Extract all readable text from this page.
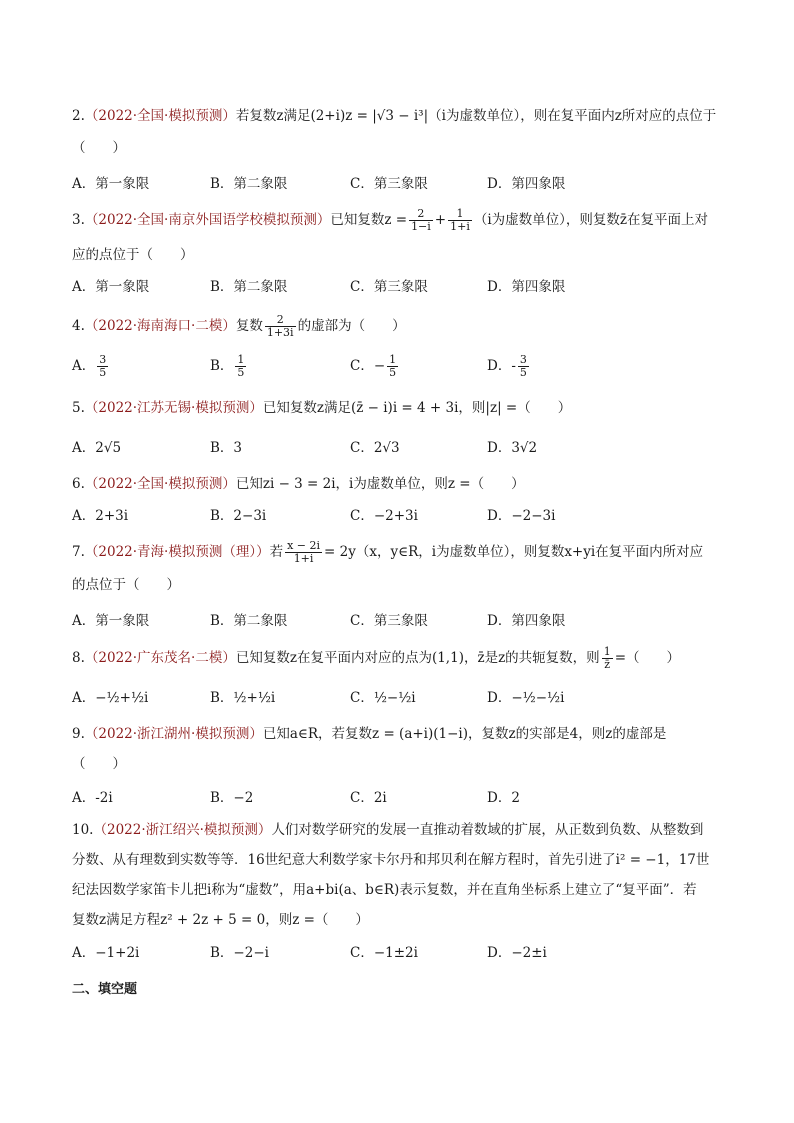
2.（2022·全国·模拟预测）若复数z满足(2+i)z = |√3 − i³|（i为虚数单位），则在复平面内z所对应的点位于
（　　）
A．第一象限	B．第二象限	C．第三象限	D．第四象限
3.（2022·全国·南京外国语学校模拟预测）已知复数$z = \frac{2}{1-i} + \frac{1}{1+i} (i$为虚数单位），则复数z̄在复平面上对
应的点位于（　　）
A．第一象限	B．第二象限	C．第三象限	D．第四象限
4.（2022·海南海口·二模）复数 $\frac{2}{1+3i}$ 的虚部为（　　）
A． $\frac{3}{5}$	B． $\frac{1}{5}$	C．− $\frac{1}{5}$	D．- $\frac{3}{5}$
5.（2022·江苏无锡·模拟预测）已知复数z满足(z̄ − i)i = 4 + 3i，则|z| =（　　）
A．2√5	B．3	C．2√3	D．3√2
6.（2022·全国·模拟预测）已知zi − 3 = 2i，i为虚数单位，则z =（　　）
A．2+3i	B．2−3i	C．−2+3i	D．−2−3i
7.（2022·青海·模拟预测（理））若 $\frac{x - 2i}{1+i} = 2y(x$，y∈R，i为虚数单位），则复数x+yi在复平面内所对应
的点位于（　　）
A．第一象限	B．第二象限	C．第三象限	D．第四象限
8.（2022·广东茂名·二模）已知复数z在复平面内对应的点为(1,1)，z̄是z的共轭复数，则 $\frac{1}{z̄}$ =（　　）
A．−½+½i	B．½+½i	C．½−½i	D．−½−½i
9.（2022·浙江湖州·模拟预测）已知a∈R，若复数z = (a+i)(1−i)，复数z的实部是4，则z的虚部是
（　　）
A．-2i	B．−2	C．2i	D．2
10.（2022·浙江绍兴·模拟预测）人们对数学研究的发展一直推动着数域的扩展，从正数到负数、从整数到
分数、从有理数到实数等等．16世纪意大利数学家卡尔丹和邦贝利在解方程时，首先引进了i² = −1，17世
纪法因数学家笛卡儿把i称为“虚数”，用a+bi(a、b∈R)表示复数，并在直角坐标系上建立了“复平面”．若
复数z满足方程z² + 2z + 5 = 0，则z =（　　）
A．−1+2i	B．−2−i	C．−1±2i	D．−2±i
二、填空题
